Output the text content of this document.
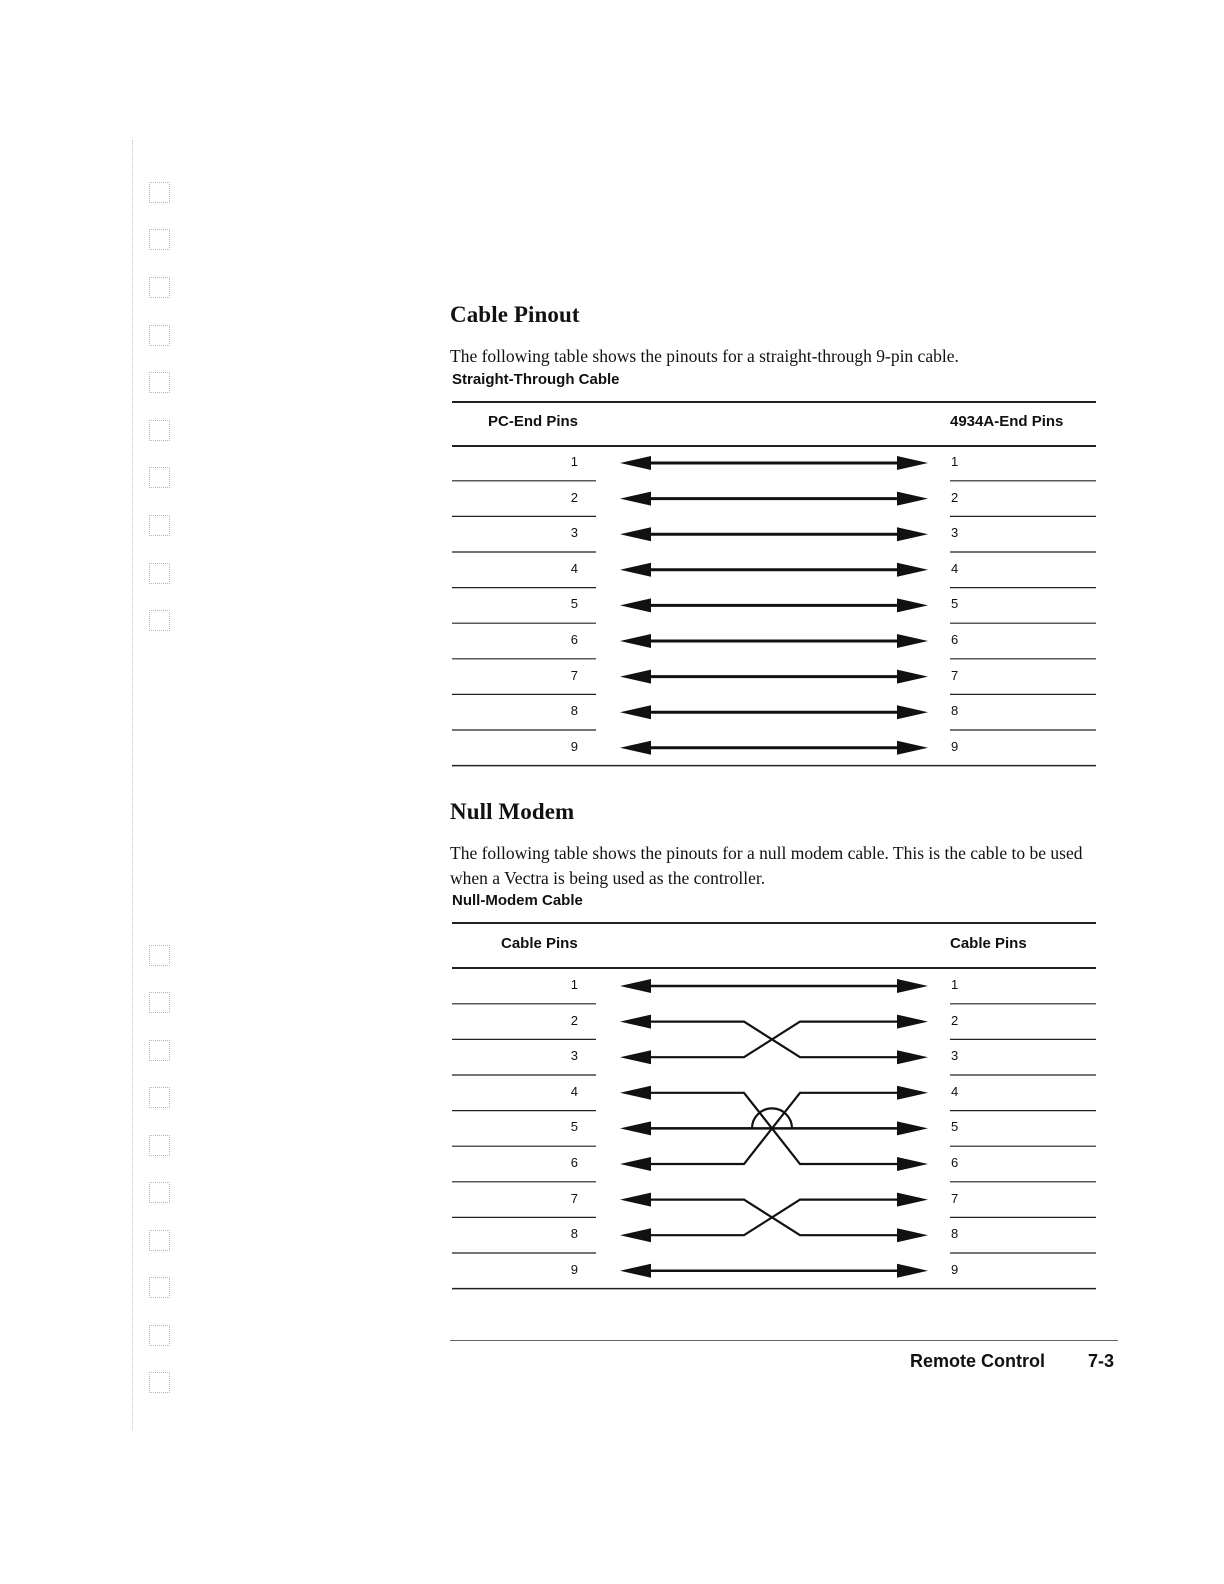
Cable Pinout

The following table shows the pinouts for a straight-through 9-pin cable.

Straight-Through Cable

PC-End Pins	4934A-End Pins
1	1
2	2
3	3
4	4
5	5
6	6
7	7
8	8
9	9
Null Modem

The following table shows the pinouts for a null modem cable. This is the cable to be used when a Vectra is being used as the controller.

Null-Modem Cable

Cable Pins	Cable Pins
1	1
2	2
3	3
4	4
5	5
6	6
7	7
8	8
9	9
Remote Control 7-3
